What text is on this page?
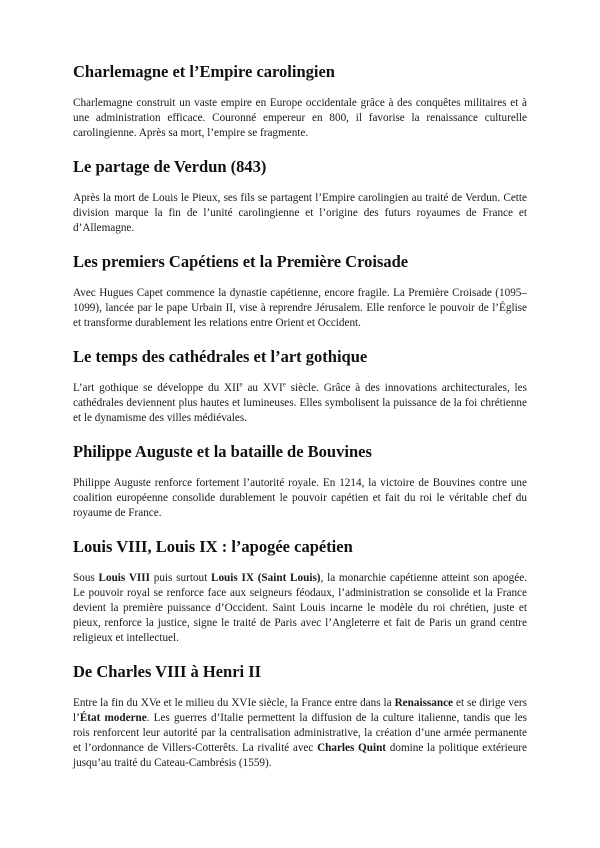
Charlemagne et l’Empire carolingien

Charlemagne construit un vaste empire en Europe occidentale grâce à des conquêtes militaires et à une administration efficace. Couronné empereur en 800, il favorise la renaissance culturelle carolingienne. Après sa mort, l’empire se fragmente.

Le partage de Verdun (843)

Après la mort de Louis le Pieux, ses fils se partagent l’Empire carolingien au traité de Verdun. Cette division marque la fin de l’unité carolingienne et l’origine des futurs royaumes de France et d’Allemagne.

Les premiers Capétiens et la Première Croisade

Avec Hugues Capet commence la dynastie capétienne, encore fragile. La Première Croisade (1095–1099), lancée par le pape Urbain II, vise à reprendre Jérusalem. Elle renforce le pouvoir de l’Église et transforme durablement les relations entre Orient et Occident.

Le temps des cathédrales et l’art gothique

L’art gothique se développe du XIIe au XVIe siècle. Grâce à des innovations architecturales, les cathédrales deviennent plus hautes et lumineuses. Elles symbolisent la puissance de la foi chrétienne et le dynamisme des villes médiévales.

Philippe Auguste et la bataille de Bouvines

Philippe Auguste renforce fortement l’autorité royale. En 1214, la victoire de Bouvines contre une coalition européenne consolide durablement le pouvoir capétien et fait du roi le véritable chef du royaume de France.

Louis VIII, Louis IX : l’apogée capétien

Sous Louis VIII puis surtout Louis IX (Saint Louis), la monarchie capétienne atteint son apogée. Le pouvoir royal se renforce face aux seigneurs féodaux, l’administration se consolide et la France devient la première puissance d’Occident. Saint Louis incarne le modèle du roi chrétien, juste et pieux, renforce la justice, signe le traité de Paris avec l’Angleterre et fait de Paris un grand centre religieux et intellectuel.

De Charles VIII à Henri II

Entre la fin du XVe et le milieu du XVIe siècle, la France entre dans la Renaissance et se dirige vers l’État moderne. Les guerres d’Italie permettent la diffusion de la culture italienne, tandis que les rois renforcent leur autorité par la centralisation administrative, la création d’une armée permanente et l’ordonnance de Villers-Cotterêts. La rivalité avec Charles Quint domine la politique extérieure jusqu’au traité du Cateau-Cambrésis (1559).
